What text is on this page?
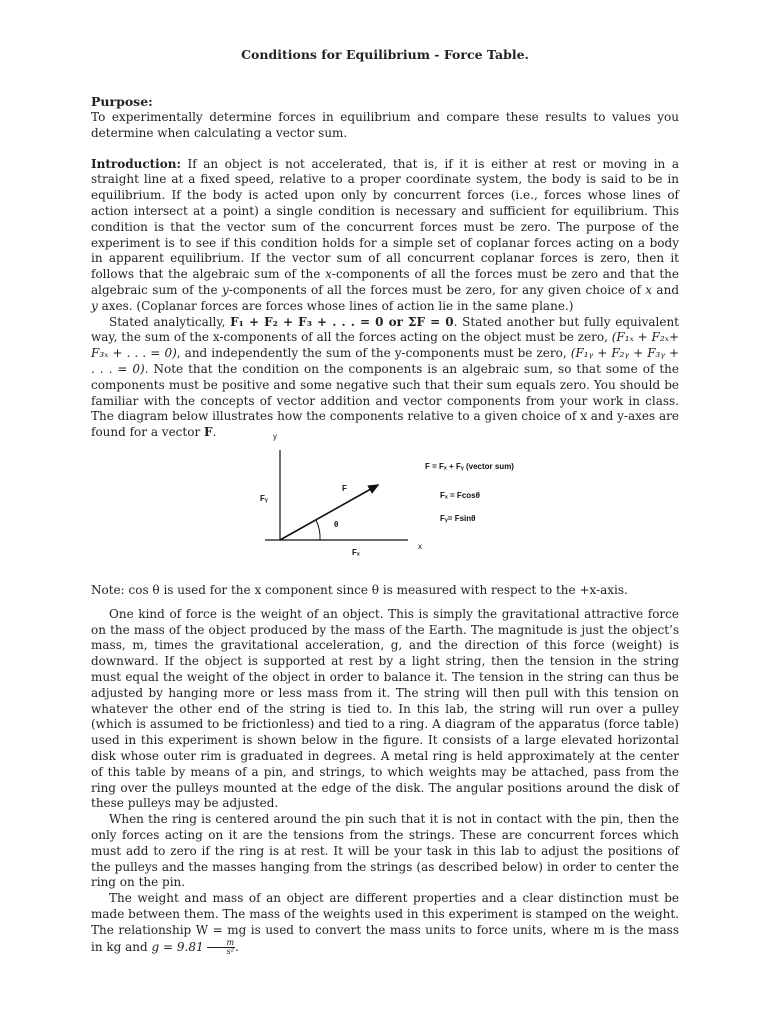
Conditions for Equilibrium - Force Table.

Purpose:

To experimentally determine forces in equilibrium and compare these results to values you determine when calculating a vector sum.

Introduction: If an object is not accelerated, that is, if it is either at rest or moving in a straight line at a fixed speed, relative to a proper coordinate system, the body is said to be in equilibrium. If the body is acted upon only by concurrent forces (i.e., forces whose lines of action intersect at a point) a single condition is necessary and sufficient for equilibrium. This condition is that the vector sum of the concurrent forces must be zero. The purpose of the experiment is to see if this condition holds for a simple set of coplanar forces acting on a body in apparent equilibrium. If the vector sum of all concurrent coplanar forces is zero, then it follows that the algebraic sum of the x-components of all the forces must be zero and that the algebraic sum of the y-components of all the forces must be zero, for any given choice of x and y axes. (Coplanar forces are forces whose lines of action lie in the same plane.)

Stated analytically, F₁ + F₂ + F₃ + . . . = 0 or ΣF = 0. Stated another but fully equivalent way, the sum of the x-components of all the forces acting on the object must be zero, (F₁ₓ + F₂ₓ+ F₃ₓ + . . . = 0), and independently the sum of the y-components must be zero, (F₁ᵧ + F₂ᵧ + F₃ᵧ + . . . = 0). Note that the condition on the components is an algebraic sum, so that some of the components must be positive and some negative such that their sum equals zero. You should be familiar with the concepts of vector addition and vector components from your work in class. The diagram below illustrates how the components relative to a given choice of x and y-axes are found for a vector F.	y
x
F
Fᵧ
Fₓ
θ
F = Fₓ + Fᵧ (vector sum)
Fₓ = Fcosθ
Fᵧ= Fsinθ

Note: cos θ is used for the x component since θ is measured with respect to the +x-axis.

One kind of force is the weight of an object. This is simply the gravitational attractive force on the mass of the object produced by the mass of the Earth. The magnitude is just the object’s mass, m, times the gravitational acceleration, g, and the direction of this force (weight) is downward. If the object is supported at rest by a light string, then the tension in the string must equal the weight of the object in order to balance it. The tension in the string can thus be adjusted by hanging more or less mass from it. The string will then pull with this tension on whatever the other end of the string is tied to. In this lab, the string will run over a pulley (which is assumed to be frictionless) and tied to a ring. A diagram of the apparatus (force table) used in this experiment is shown below in the figure. It consists of a large elevated horizontal disk whose outer rim is graduated in degrees. A metal ring is held approximately at the center of this table by means of a pin, and strings, to which weights may be attached, pass from the ring over the pulleys mounted at the edge of the disk. The angular positions around the disk of these pulleys may be adjusted.

When the ring is centered around the pin such that it is not in contact with the pin, then the only forces acting on it are the tensions from the strings. These are concurrent forces which must add to zero if the ring is at rest. It will be your task in this lab to adjust the positions of the pulleys and the masses hanging from the strings (as described below) in order to center the ring on the pin.

The weight and mass of an object are different properties and a clear distinction must be made between them. The mass of the weights used in this experiment is stamped on the weight. The relationship W = mg is used to convert the mass units to force units, where m is the mass in kg and $g = 9.81 \frac{m}{\text{s²}}$ .
